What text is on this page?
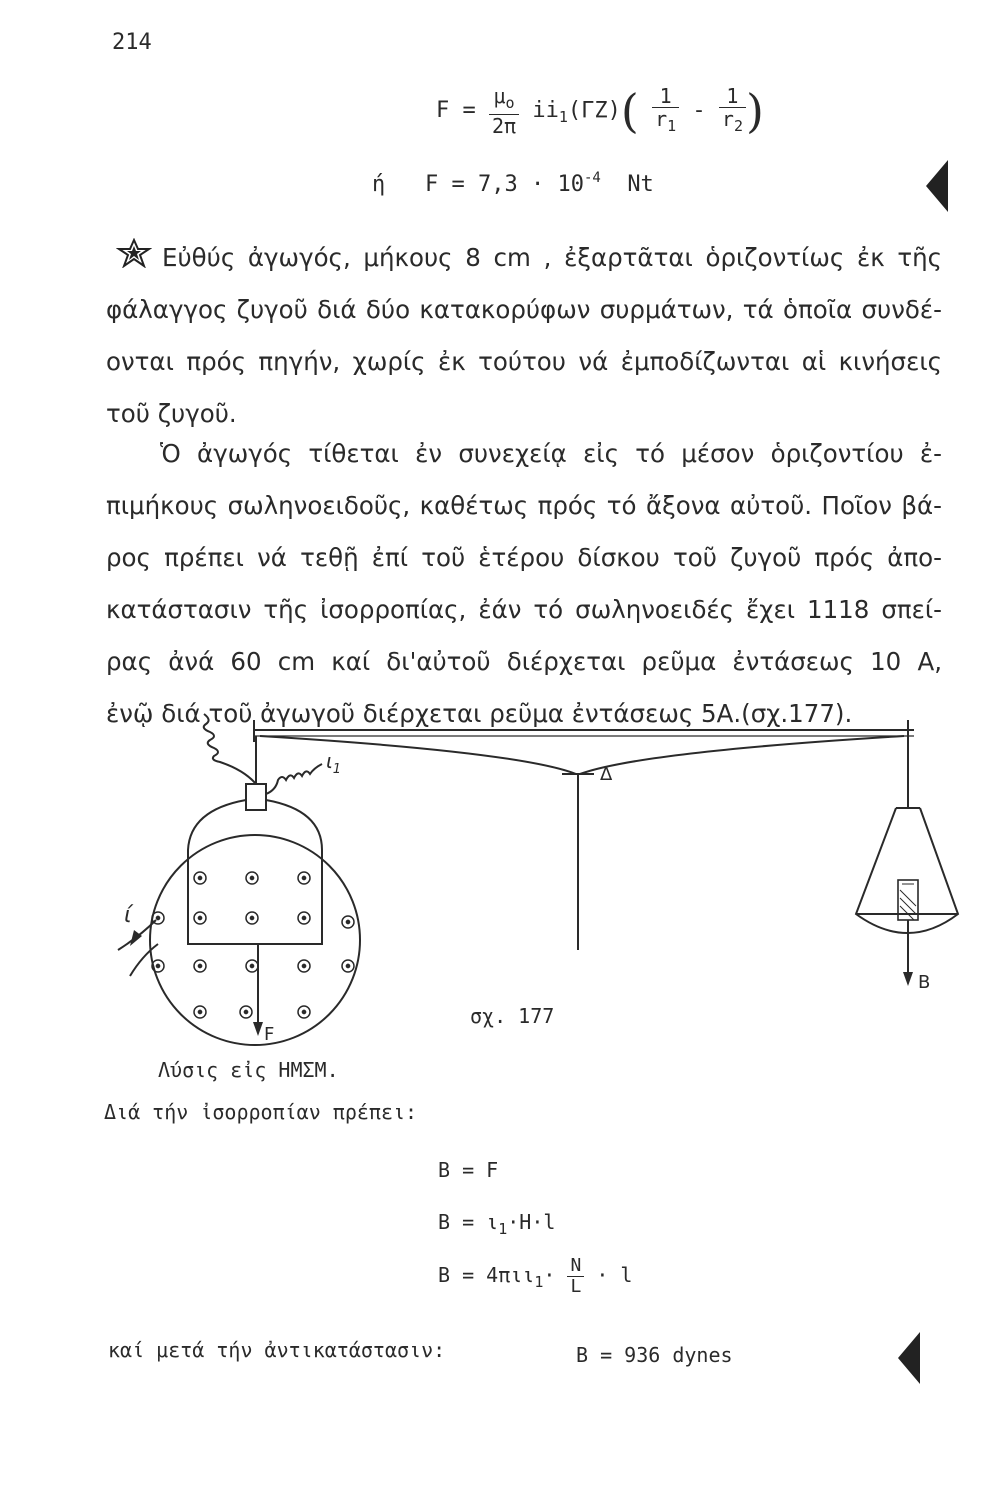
214
$F = \frac{\mu_o}{2\pi} ii_1(\Gamma Z)( \frac{1}{r_1} - \frac{1}{r_2}$ )
ή $F = 7,3 \cdot 10^{-4}$ Nt
Εὐθύς ἀγωγός, μήκους 8 cm , ἐξαρτᾶται ὁριζοντίως ἐκ τῆς
φάλαγγος ζυγοῦ διά δύο κατακορύφων συρμάτων, τά ὁποῖα συνδέ-
ονται πρός πηγήν, χωρίς ἐκ τούτου νά ἐμποδίζωνται αἱ κινήσεις
τοῦ ζυγοῦ.
Ὁ ἀγωγός τίθεται ἐν συνεχείᾳ εἰς τό μέσον ὁριζοντίου ἐ-
πιμήκους σωληνοειδοῦς, καθέτως πρός τό ἄξονα αὐτοῦ. Ποῖον βά-
ρος πρέπει νά τεθῇ ἐπί τοῦ ἑτέρου δίσκου τοῦ ζυγοῦ πρός ἀπο-
κατάστασιν τῆς ἰσορροπίας, ἐάν τό σωληνοειδές ἔχει 1118 σπεί-
ρας ἀνά 60 cm καί δι'αὐτοῦ διέρχεται ρεῦμα ἐντάσεως 10 Α,
ἐνῷ διά τοῦ ἀγωγοῦ διέρχεται ρεῦμα ἐντάσεως 5Α.(σχ.177).
$\iota_1$	Δ
ί
F
B
σχ. 177
Λύσις εἰς ΗΜΣΜ.
Διά τήν ἰσορροπίαν πρέπει:
B = F
$B = \iota_1\cdot H\cdot l$
$B = 4\pi\iota\iota_1\cdot \frac{N}{L} \cdot l$
καί μετά τήν ἀντικατάστασιν:	B = 936 dynes
